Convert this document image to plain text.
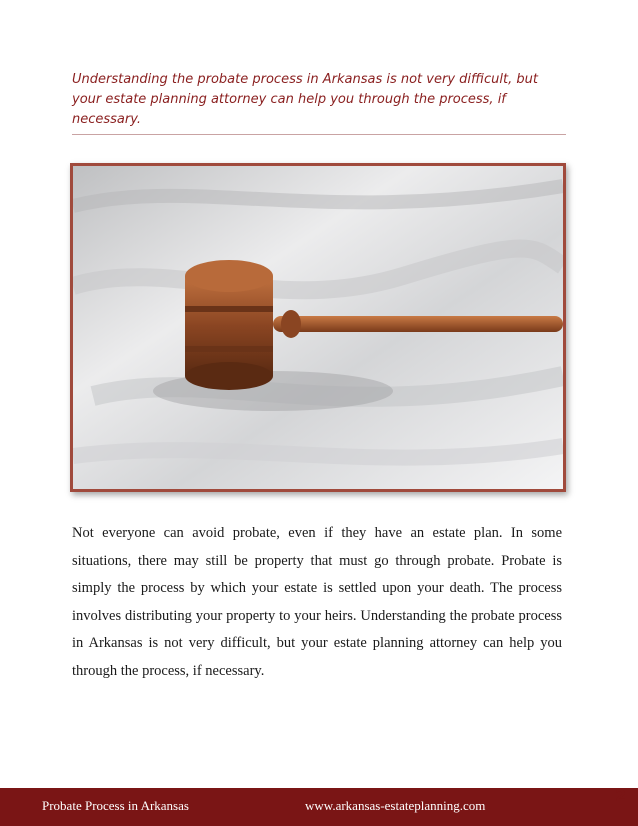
Understanding the probate process in Arkansas is not very difficult, but your estate planning attorney can help you through the process, if necessary.
Not everyone can avoid probate, even if they have an estate plan. In some situations, there may still be property that must go through probate. Probate is simply the process by which your estate is settled upon your death. The process involves distributing your property to your heirs. Understanding the probate process in Arkansas is not very difficult, but your estate planning attorney can help you through the process, if necessary.
Probate Process in Arkansas	www.arkansas-estateplanning.com
2
